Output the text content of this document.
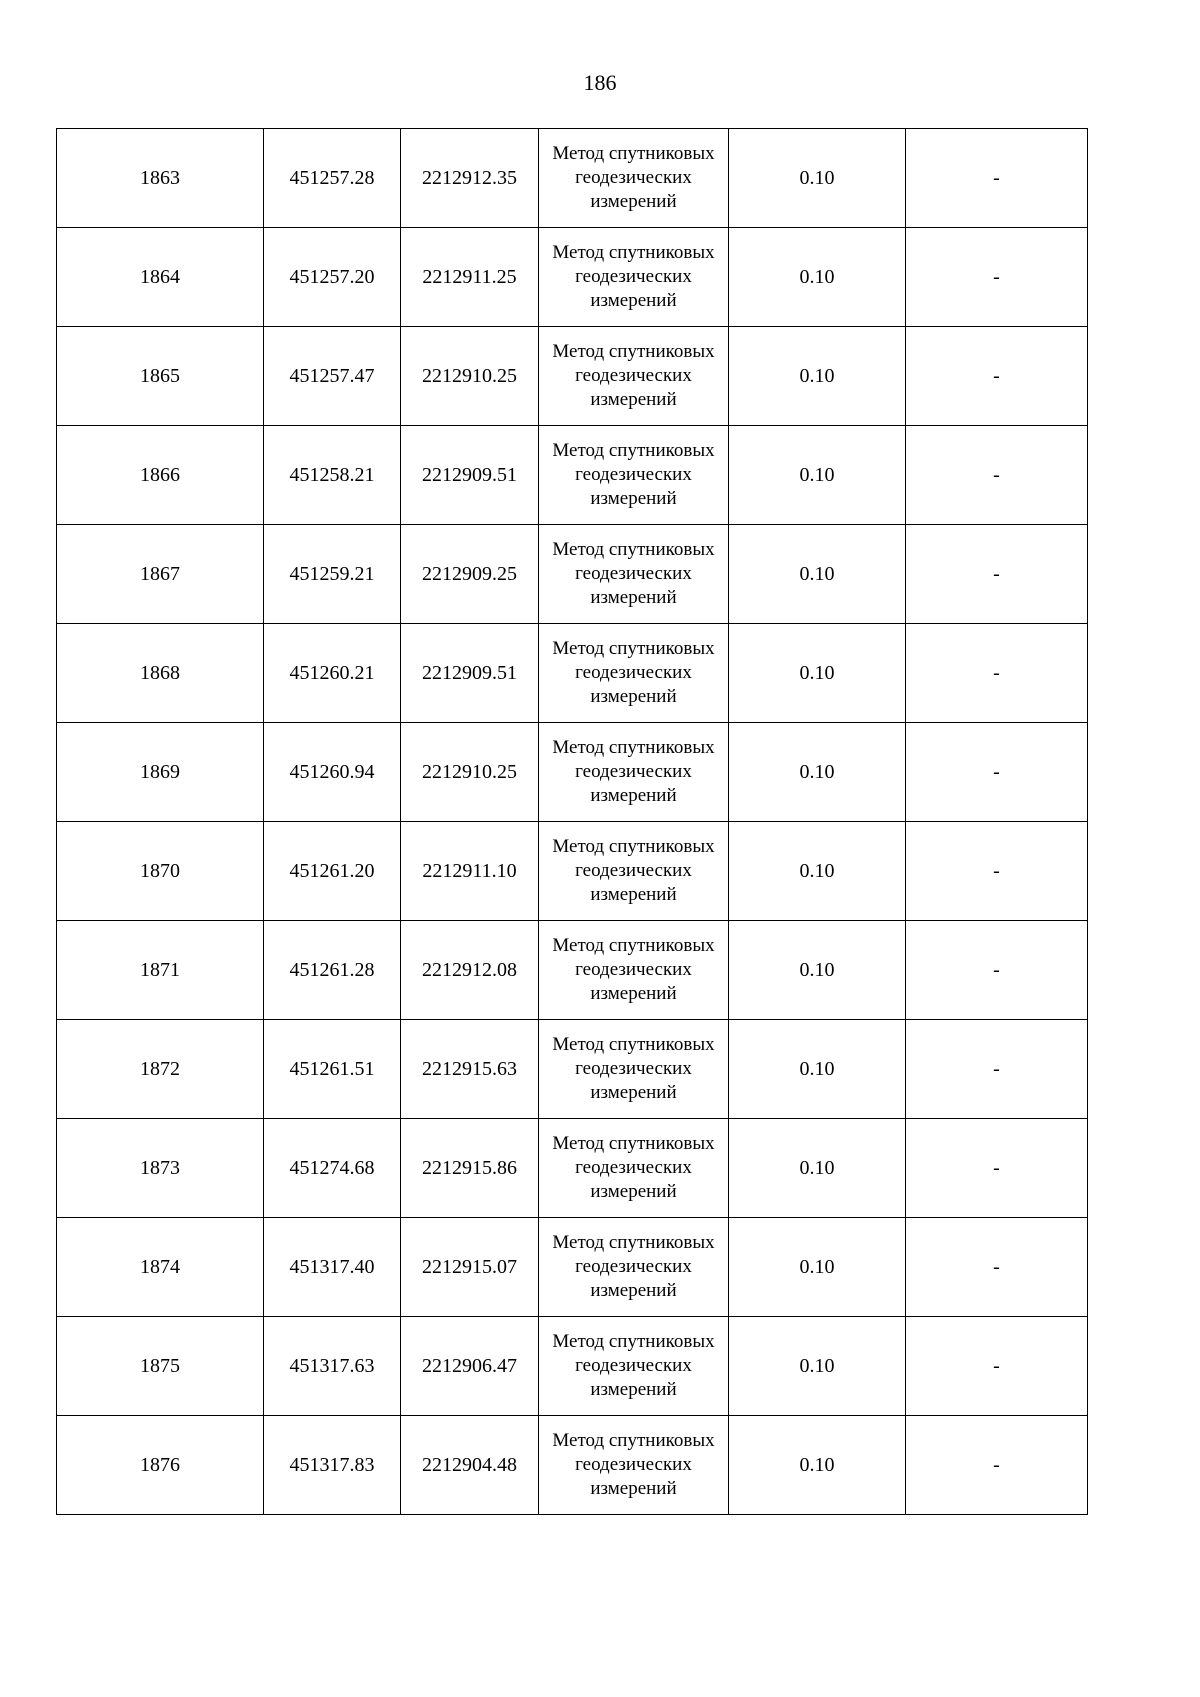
186
1863	451257.28	2212912.35	Метод спутниковых геодезических измерений	0.10	-
1864	451257.20	2212911.25	Метод спутниковых геодезических измерений	0.10	-
1865	451257.47	2212910.25	Метод спутниковых геодезических измерений	0.10	-
1866	451258.21	2212909.51	Метод спутниковых геодезических измерений	0.10	-
1867	451259.21	2212909.25	Метод спутниковых геодезических измерений	0.10	-
1868	451260.21	2212909.51	Метод спутниковых геодезических измерений	0.10	-
1869	451260.94	2212910.25	Метод спутниковых геодезических измерений	0.10	-
1870	451261.20	2212911.10	Метод спутниковых геодезических измерений	0.10	-
1871	451261.28	2212912.08	Метод спутниковых геодезических измерений	0.10	-
1872	451261.51	2212915.63	Метод спутниковых геодезических измерений	0.10	-
1873	451274.68	2212915.86	Метод спутниковых геодезических измерений	0.10	-
1874	451317.40	2212915.07	Метод спутниковых геодезических измерений	0.10	-
1875	451317.63	2212906.47	Метод спутниковых геодезических измерений	0.10	-
1876	451317.83	2212904.48	Метод спутниковых геодезических измерений	0.10	-
